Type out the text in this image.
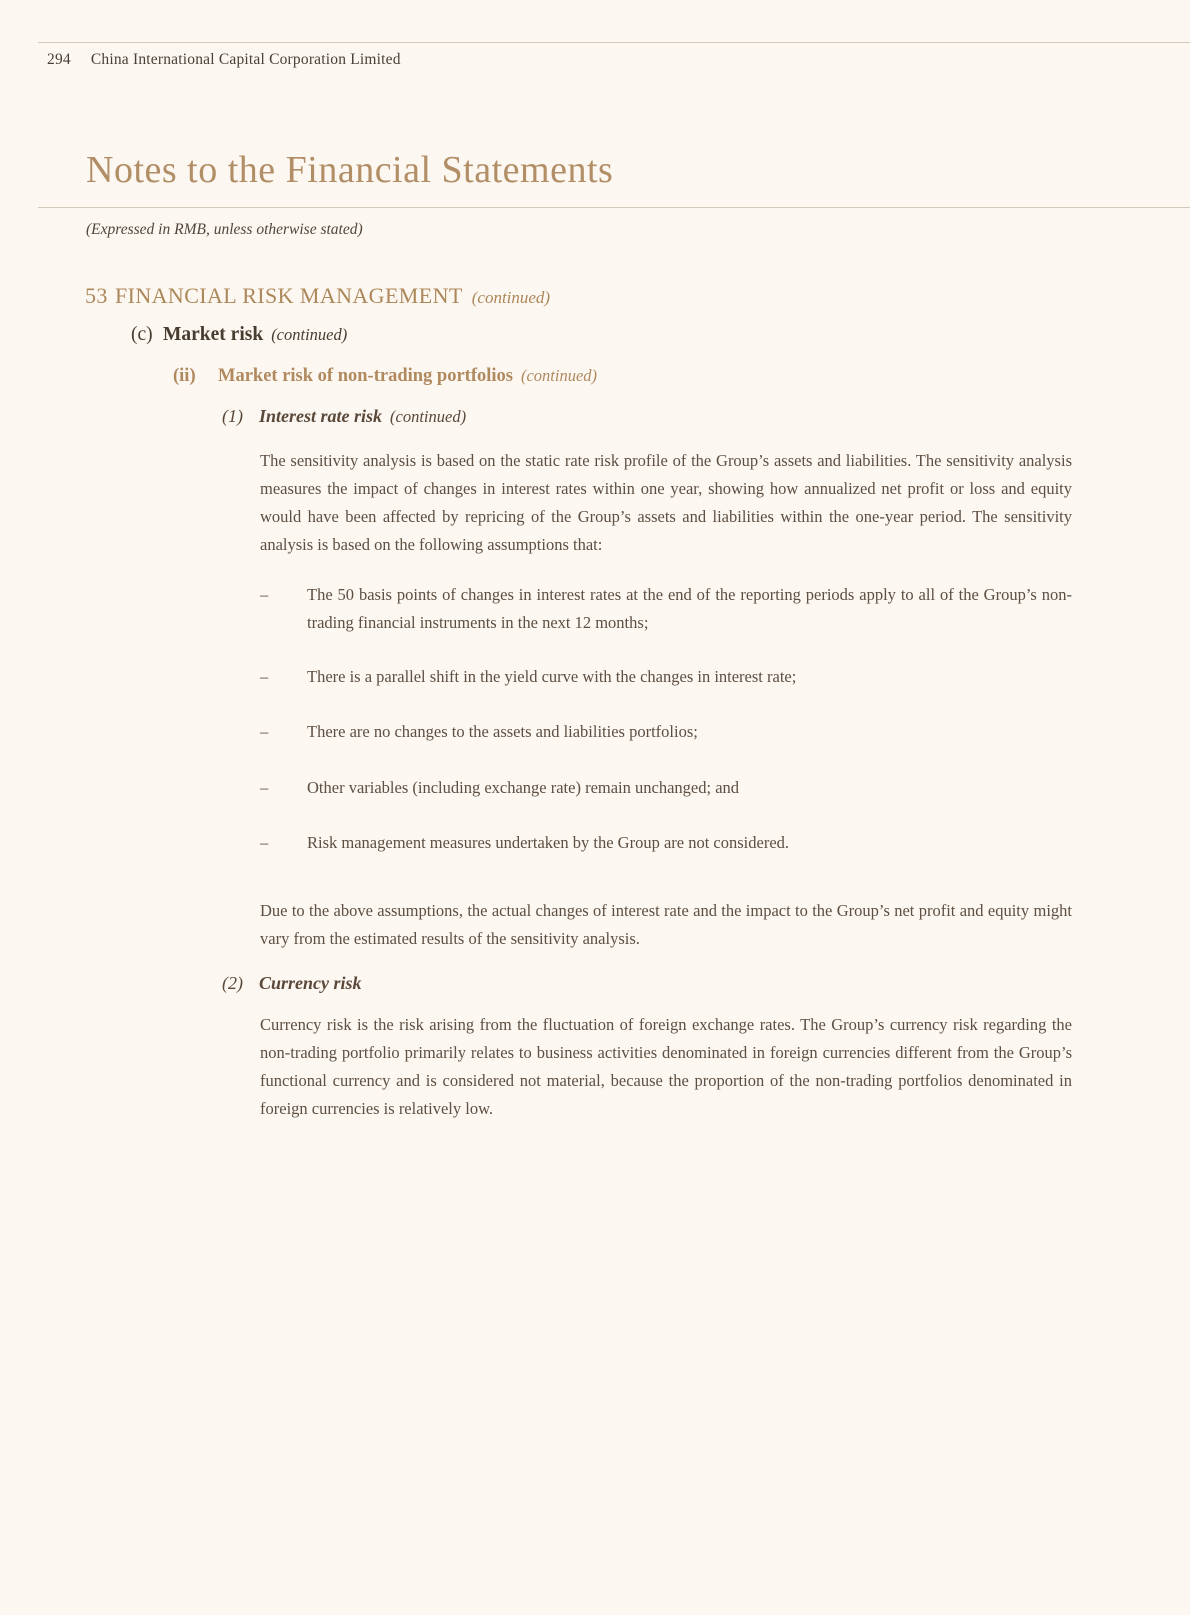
294 China International Capital Corporation Limited
Notes to the Financial Statements
(Expressed in RMB, unless otherwise stated)
53 FINANCIAL RISK MANAGEMENT (continued)
(c) Market risk (continued)
(ii)	Market risk of non-trading portfolios (continued)
(1) Interest rate risk (continued)

The sensitivity analysis is based on the static rate risk profile of the Group’s assets and liabilities. The sensitivity analysis measures the impact of changes in interest rates within one year, showing how annualized net profit or loss and equity would have been affected by repricing of the Group’s assets and liabilities within the one-year period. The sensitivity analysis is based on the following assumptions that:

–	The 50 basis points of changes in interest rates at the end of the reporting periods apply to all of the Group’s non-trading financial instruments in the next 12 months;

–	There is a parallel shift in the yield curve with the changes in interest rate;

–	There are no changes to the assets and liabilities portfolios;

–	Other variables (including exchange rate) remain unchanged; and

–	Risk management measures undertaken by the Group are not considered.

Due to the above assumptions, the actual changes of interest rate and the impact to the Group’s net profit and equity might vary from the estimated results of the sensitivity analysis.

(2) Currency risk

Currency risk is the risk arising from the fluctuation of foreign exchange rates. The Group’s currency risk regarding the non-trading portfolio primarily relates to business activities denominated in foreign currencies different from the Group’s functional currency and is considered not material, because the proportion of the non-trading portfolios denominated in foreign currencies is relatively low.
